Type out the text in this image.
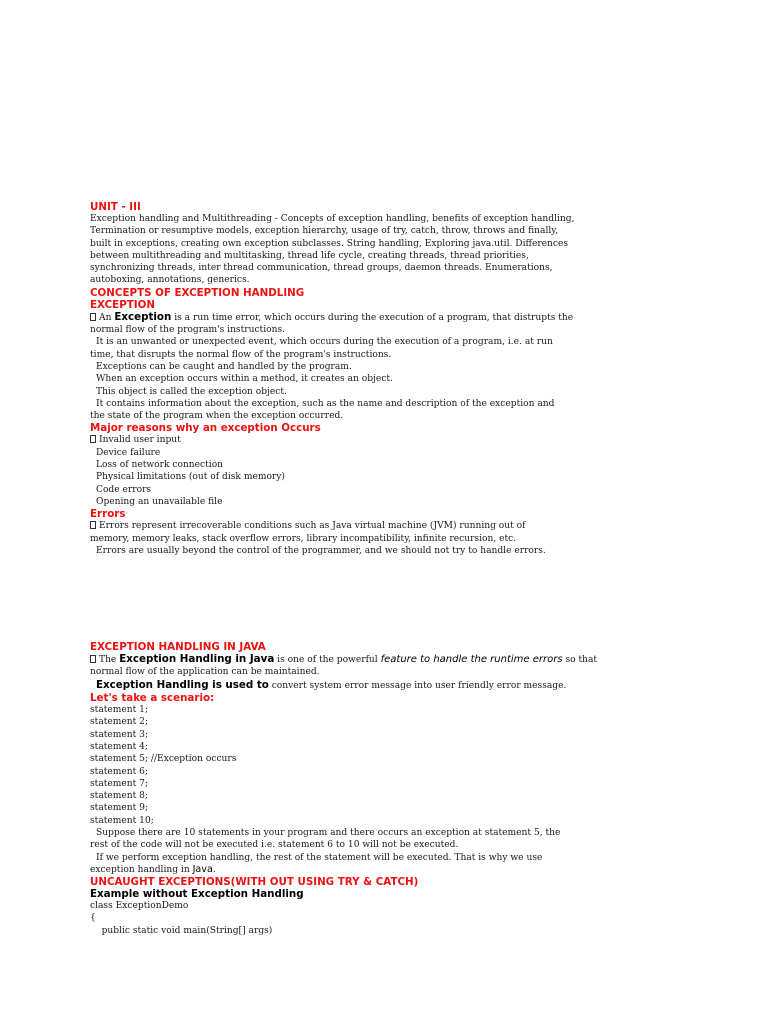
UNIT - III
Exception handling and Multithreading - Concepts of exception handling, benefits of exception handling,
Termination or resumptive models, exception hierarchy, usage of try, catch, throw, throws and finally,
built in exceptions, creating own exception subclasses. String handling, Exploring java.util. Differences
between multithreading and multitasking, thread life cycle, creating threads, thread priorities,
synchronizing threads, inter thread communication, thread groups, daemon threads. Enumerations,
autoboxing, annotations, generics.
CONCEPTS OF EXCEPTION HANDLING
EXCEPTION
An Exception is a run time error, which occurs during the execution of a program, that distrupts the
normal flow of the program's instructions.
It is an unwanted or unexpected event, which occurs during the execution of a program, i.e. at run
time, that disrupts the normal flow of the program's instructions.
Exceptions can be caught and handled by the program.
When an exception occurs within a method, it creates an object.
This object is called the exception object.
It contains information about the exception, such as the name and description of the exception and
the state of the program when the exception occurred.
Major reasons why an exception Occurs
Invalid user input
Device failure
Loss of network connection
Physical limitations (out of disk memory)
Code errors
Opening an unavailable file
Errors
Errors represent irrecoverable conditions such as Java virtual machine (JVM) running out of
memory, memory leaks, stack overflow errors, library incompatibility, infinite recursion, etc.
Errors are usually beyond the control of the programmer, and we should not try to handle errors.
EXCEPTION HANDLING IN JAVA
The Exception Handling in Java is one of the powerful feature to handle the runtime errors so that
normal flow of the application can be maintained.
Exception Handling is used to convert system error message into user friendly error message.
Let's take a scenario:
statement 1;
statement 2;
statement 3;
statement 4;
statement 5; //Exception occurs
statement 6;
statement 7;
statement 8;
statement 9;
statement 10;
Suppose there are 10 statements in your program and there occurs an exception at statement 5, the
rest of the code will not be executed i.e. statement 6 to 10 will not be executed.
If we perform exception handling, the rest of the statement will be executed. That is why we use
exception handling in Java.
UNCAUGHT EXCEPTIONS(WITH OUT USING TRY & CATCH)
Example without Exception Handling
class ExceptionDemo
{
public static void main(String[] args)
